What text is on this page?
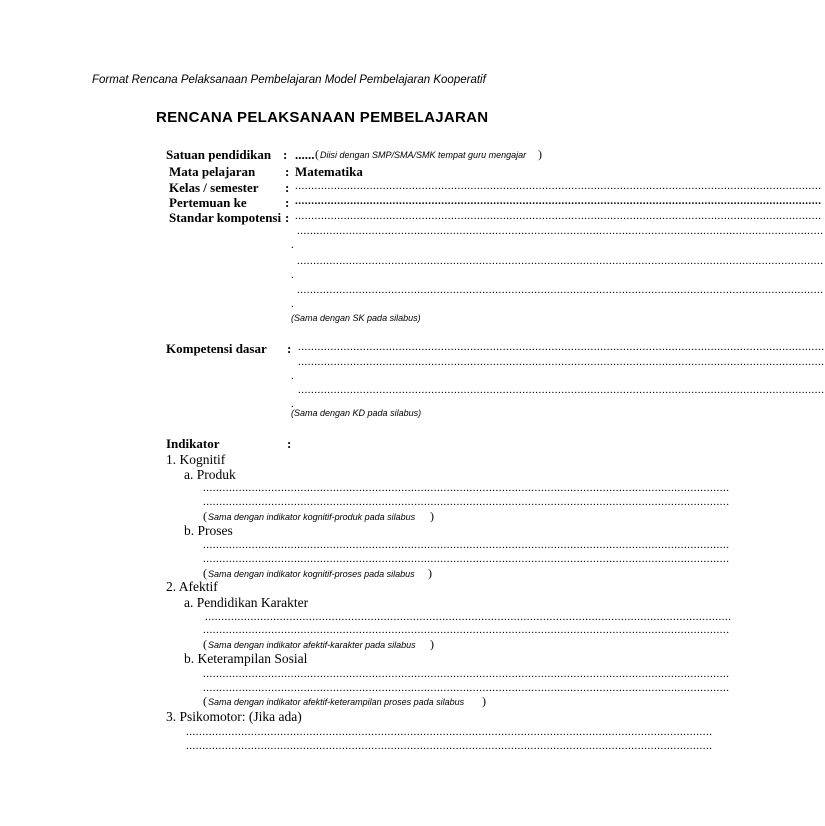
Format Rencana Pelaksanaan Pembelajaran Model Pembelajaran Kooperatif
RENCANA PELAKSANAAN PEMBELAJARAN
Satuan pendidikan : ...... ( Diisi dengan SMP/SMA/SMK tempat guru mengajar )
Mata pelajaran : Matematika
Kelas / semester : ..................................................................................................................................................................
Pertemuan ke	: ..................................................................................................................................................................
Standar kompotensi : ..................................................................................................................................................................
..................................................................................................................................................................
.
..................................................................................................................................................................
.
..................................................................................................................................................................
.
(Sama dengan SK pada silabus)
Kompetensi dasar : ..................................................................................................................................................................
..................................................................................................................................................................
.
..................................................................................................................................................................
.
(Sama dengan KD pada silabus)
Indikator	:
1. Kognitif
a. Produk
..................................................................................................................................................................
..................................................................................................................................................................
( Sama dengan indikator kognitif-produk pada silabus )
b. Proses
..................................................................................................................................................................
..................................................................................................................................................................
( Sama dengan indikator kognitif-proses pada silabus )
2. Afektif
a. Pendidikan Karakter
..................................................................................................................................................................
..................................................................................................................................................................
( Sama dengan indikator afektif-karakter pada silabus )
b. Keterampilan Sosial
..................................................................................................................................................................
..................................................................................................................................................................
( Sama dengan indikator afektif-keterampilan proses pada silabus )
3. Psikomotor: (Jika ada)
..................................................................................................................................................................
..................................................................................................................................................................
